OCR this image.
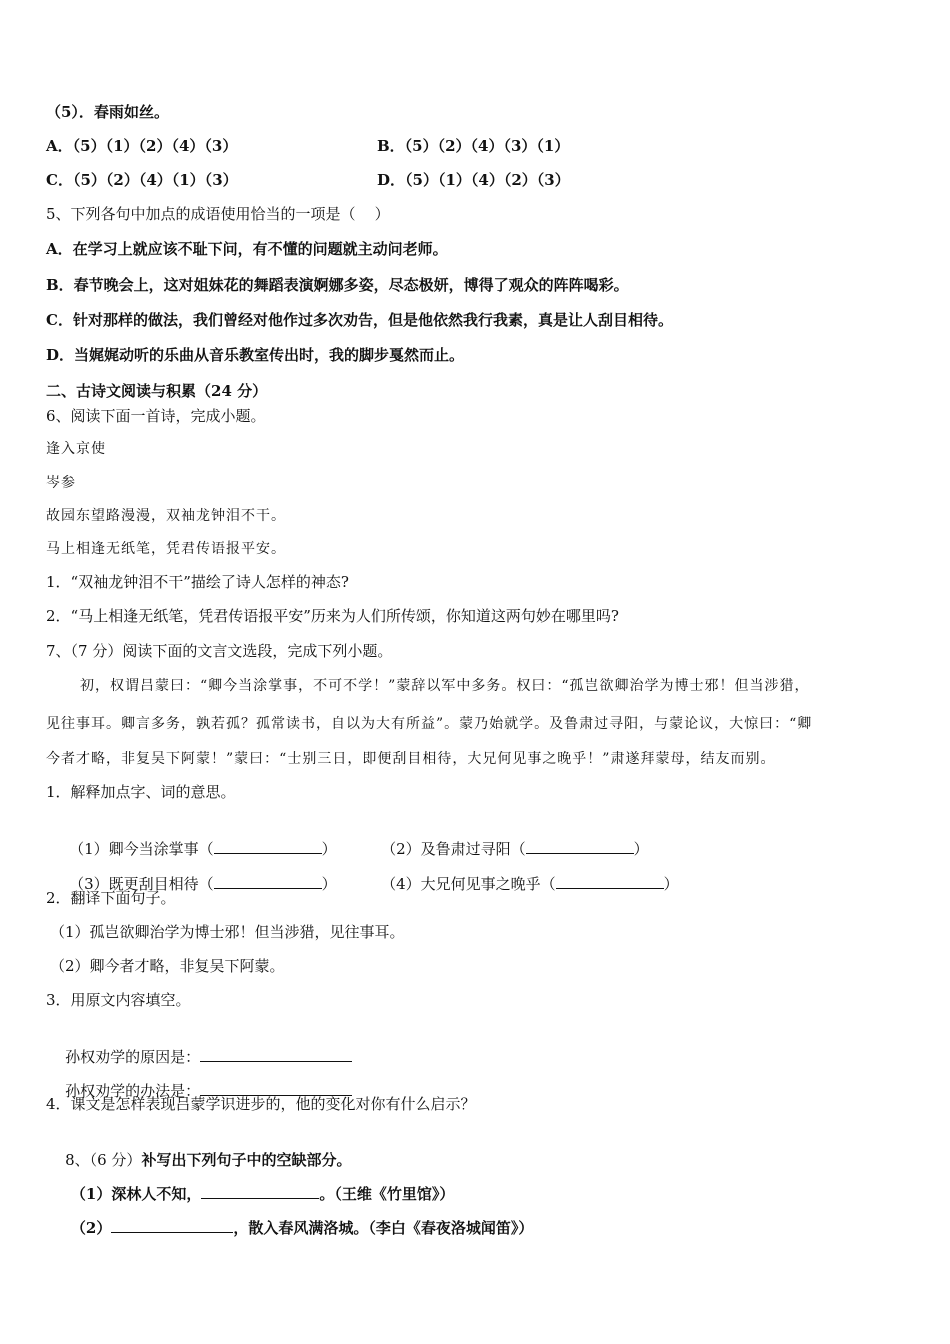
（5）．春雨如丝。
A．（5）（1）（2）（4）（3）	B．（5）（2）（4）（3）（1）
C．（5）（2）（4）（1）（3）	D．（5）（1）（4）（2）（3）
5、下列各句中加点的成语使用恰当的一项是（    ）
A．在学习上就应该不耻下问，有不懂的问题就主动问老师。
B．春节晚会上，这对姐妹花的舞蹈表演婀娜多姿，尽态极妍，博得了观众的阵阵喝彩。
C．针对那样的做法，我们曾经对他作过多次劝告，但是他依然我行我素，真是让人刮目相待。
D．当娓娓动听的乐曲从音乐教室传出时，我的脚步戛然而止。
二、古诗文阅读与积累（24 分）
6、阅读下面一首诗，完成小题。
逢入京使
岑参
故园东望路漫漫，双袖龙钟泪不干。
马上相逢无纸笔，凭君传语报平安。
1．“双袖龙钟泪不干”描绘了诗人怎样的神态?
2．“马上相逢无纸笔，凭君传语报平安”历来为人们所传颂，你知道这两句妙在哪里吗?
7、（7 分）阅读下面的文言文选段，完成下列小题。
初，权谓吕蒙曰：“卿今当涂掌事，不可不学！”蒙辞以军中多务。权曰：“孤岂欲卿治学为博士邪！但当涉猎，
见往事耳。卿言多务，孰若孤？孤常读书，自以为大有所益”。蒙乃始就学。及鲁肃过寻阳，与蒙论议，大惊曰：“卿
今者才略，非复吴下阿蒙！”蒙曰：“士别三日，即便刮目相待，大兄何见事之晚乎！”肃遂拜蒙母，结友而别。
1．解释加点字、词的意思。

（1）卿今当涂掌事（	）
	（2）及鲁肃过寻阳（	）

（3）既更刮目相待（	）
	（4）大兄何见事之晚乎（	）

2．翻译下面句子。
（1）孤岂欲卿治学为博士邪！但当涉猎，见往事耳。
（2）卿今者才略，非复吴下阿蒙。
3．用原文内容填空。

孙权劝学的原因是：

孙权劝学的办法是：

4．课文是怎样表现吕蒙学识进步的，他的变化对你有什么启示？

8、（6 分）补写出下列句子中的空缺部分。

（1）深林人不知，	。（王维《竹里馆》）

（2）	，散入春风满洛城。（李白《春夜洛城闻笛》）
